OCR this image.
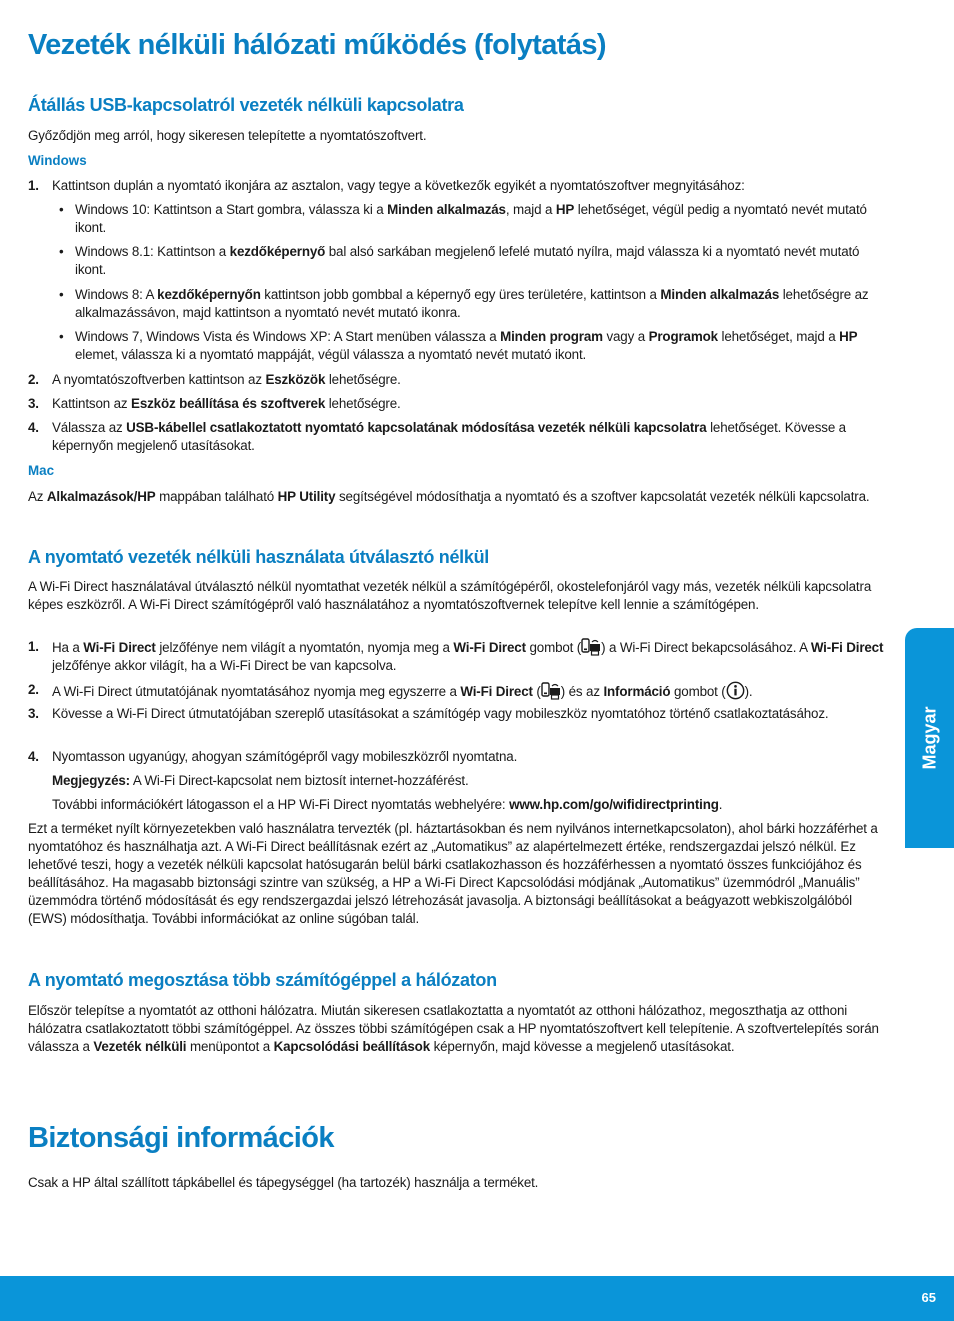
Vezeték nélküli hálózati működés (folytatás)
Átállás USB-kapcsolatról vezeték nélküli kapcsolatra

Győződjön meg arról, hogy sikeresen telepítette a nyomtatószoftvert.

Windows

1. Kattintson duplán a nyomtató ikonjára az asztalon, vagy tegye a következők egyikét a nyomtatószoftver megnyitásához:
• Windows 10: Kattintson a Start gombra, válassza ki a Minden alkalmazás, majd a HP lehetőséget, végül pedig a nyomtató nevét mutató ikont.
• Windows 8.1: Kattintson a kezdőképernyő bal alsó sarkában megjelenő lefelé mutató nyílra, majd válassza ki a nyomtató nevét mutató ikont.
• Windows 8: A kezdőképernyőn kattintson jobb gombbal a képernyő egy üres területére, kattintson a Minden alkalmazás lehetőségre az alkalmazássávon, majd kattintson a nyomtató nevét mutató ikonra.
• Windows 7, Windows Vista és Windows XP: A Start menüben válassza a Minden program vagy a Programok lehetőséget, majd a HP elemet, válassza ki a nyomtató mappáját, végül válassza a nyomtató nevét mutató ikont.
2. A nyomtatószoftverben kattintson az Eszközök lehetőségre.
3. Kattintson az Eszköz beállítása és szoftverek lehetőségre.
4. Válassza az USB-kábellel csatlakoztatott nyomtató kapcsolatának módosítása vezeték nélküli kapcsolatra lehetőséget. Kövesse a képernyőn megjelenő utasításokat.

Mac

Az Alkalmazások/HP mappában található HP Utility segítségével módosíthatja a nyomtató és a szoftver kapcsolatát vezeték nélküli kapcsolatra.

A nyomtató vezeték nélküli használata útválasztó nélkül

A Wi-Fi Direct használatával útválasztó nélkül nyomtathat vezeték nélkül a számítógépéről, okostelefonjáról vagy más, vezeték nélküli kapcsolatra képes eszközről. A Wi-Fi Direct számítógépről való használatához a nyomtatószoftvernek telepítve kell lennie a számítógépen.

1. Ha a Wi-Fi Direct jelzőfénye nem világít a nyomtatón, nyomja meg a Wi-Fi Direct gombot ( ) a Wi-Fi Direct bekapcsolásához. A Wi-Fi Direct jelzőfénye akkor világít, ha a Wi-Fi Direct be van kapcsolva.
2. A Wi-Fi Direct útmutatójának nyomtatásához nyomja meg egyszerre a Wi-Fi Direct ( ) és az Információ gombot ( ).
3. Kövesse a Wi-Fi Direct útmutatójában szereplő utasításokat a számítógép vagy mobileszköz nyomtatóhoz történő csatlakoztatásához.
4. Nyomtasson ugyanúgy, ahogyan számítógépről vagy mobileszközről nyomtatna.
Megjegyzés: A Wi-Fi Direct-kapcsolat nem biztosít internet-hozzáférést.
További információkért látogasson el a HP Wi-Fi Direct nyomtatás webhelyére: www.hp.com/go/wifidirectprinting.

Ezt a terméket nyílt környezetekben való használatra tervezték (pl. háztartásokban és nem nyilvános internetkapcsolaton), ahol bárki hozzáférhet a nyomtatóhoz és használhatja azt. A Wi-Fi Direct beállításnak ezért az „Automatikus” az alapértelmezett értéke, rendszergazdai jelszó nélkül. Ez lehetővé teszi, hogy a vezeték nélküli kapcsolat hatósugarán belül bárki csatlakozhasson és hozzáférhessen a nyomtató összes funkciójához és beállításához. Ha magasabb biztonsági szintre van szükség, a HP a Wi-Fi Direct Kapcsolódási módjának „Automatikus” üzemmódról „Manuális” üzemmódra történő módosítását és egy rendszergazdai jelszó létrehozását javasolja. A biztonsági beállításokat a beágyazott webkiszolgálóból (EWS) módosíthatja. További információkat az online súgóban talál.

A nyomtató megosztása több számítógéppel a hálózaton

Először telepítse a nyomtatót az otthoni hálózatra. Miután sikeresen csatlakoztatta a nyomtatót az otthoni hálózathoz, megoszthatja az otthoni hálózatra csatlakoztatott többi számítógéppel. Az összes többi számítógépen csak a HP nyomtatószoftvert kell telepítenie. A szoftvertelepítés során válassza a Vezeték nélküli menüpontot a Kapcsolódási beállítások képernyőn, majd kövesse a megjelenő utasításokat.

Biztonsági információk

Csak a HP által szállított tápkábellel és tápegységgel (ha tartozék) használja a terméket.

Magyar
65
